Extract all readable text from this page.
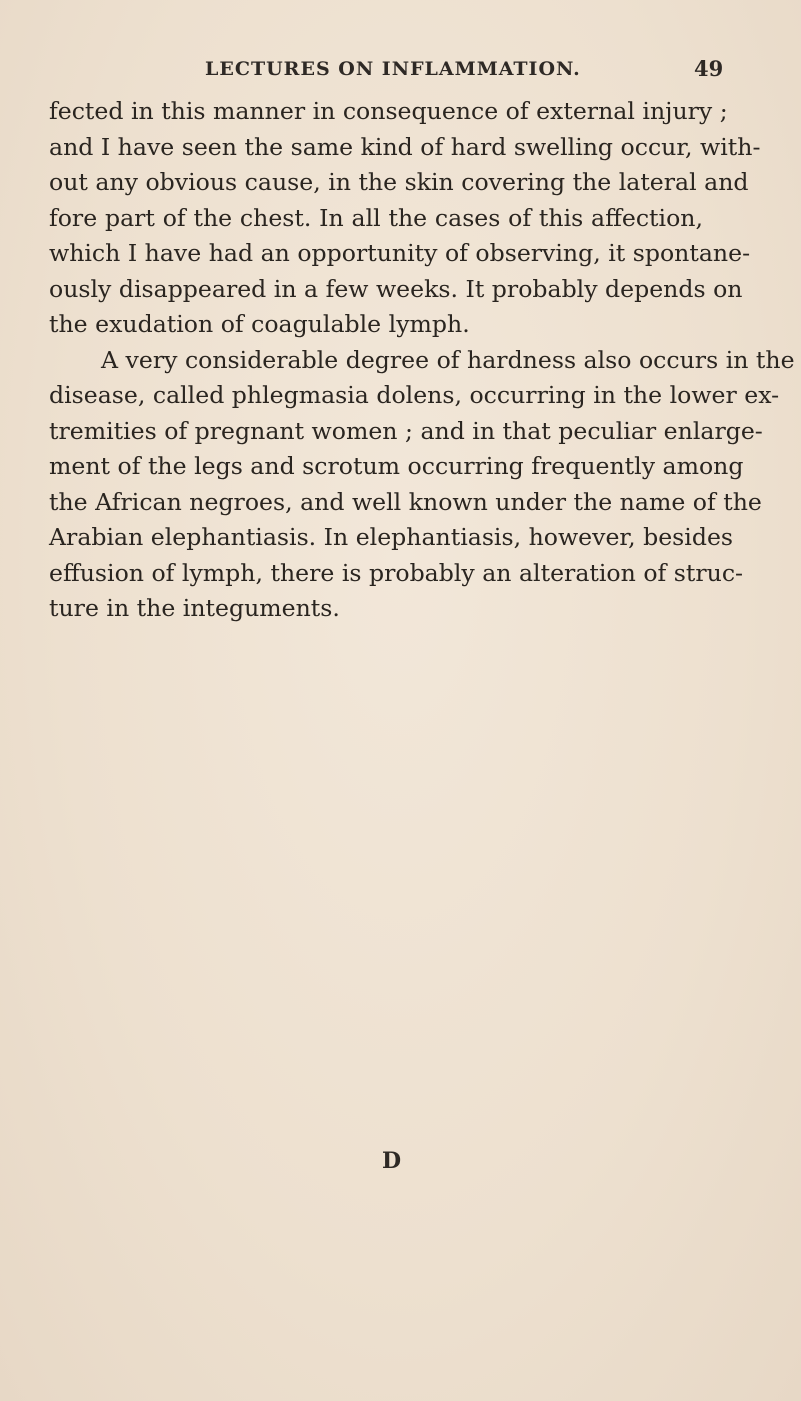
LECTURES ON INFLAMMATION.	49
fected in this manner in consequence of external injury ;
and I have seen the same kind of hard swelling occur, with-
out any obvious cause, in the skin covering the lateral and
fore part of the chest. In all the cases of this affection,
which I have had an opportunity of observing, it spontane-
ously disappeared in a few weeks. It probably depends on
the exudation of coagulable lymph.
A very considerable degree of hardness also occurs in the
disease, called phlegmasia dolens, occurring in the lower ex-
tremities of pregnant women ; and in that peculiar enlarge-
ment of the legs and scrotum occurring frequently among
the African negroes, and well known under the name of the
Arabian elephantiasis. In elephantiasis, however, besides
effusion of lymph, there is probably an alteration of struc-
ture in the integuments.
D
